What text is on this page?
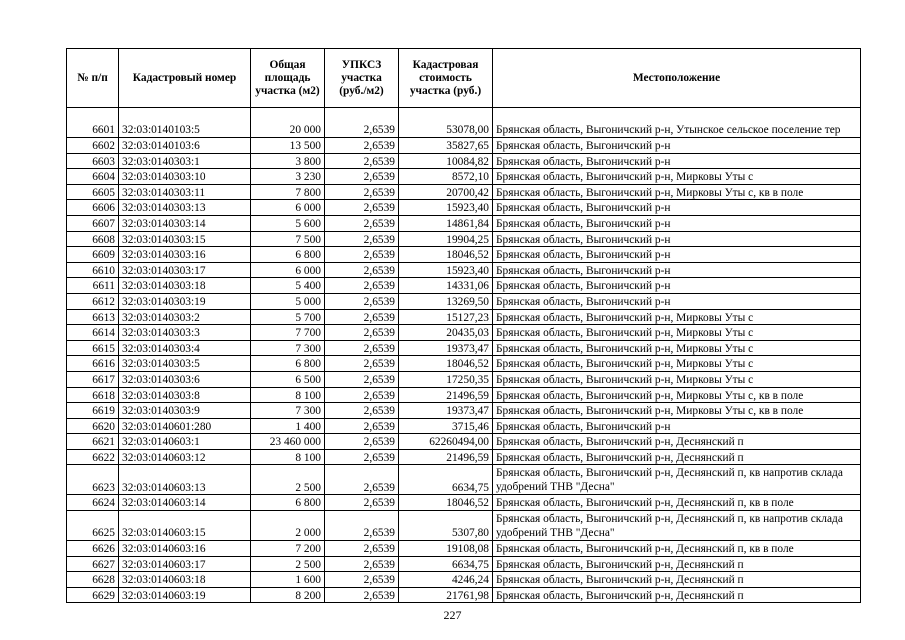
№ п/п	Кадастровый номер	Общая площадь участка (м2)	УПКСЗ участка (руб./м2)	Кадастровая стоимость участка (руб.)	Местоположение
6601	32:03:0140103:5	20 000	2,6539	53078,00	Брянская область, Выгоничский р-н, Утынское сельское поселение тер
6602	32:03:0140103:6	13 500	2,6539	35827,65	Брянская область, Выгоничский р-н
6603	32:03:0140303:1	3 800	2,6539	10084,82	Брянская область, Выгоничский р-н
6604	32:03:0140303:10	3 230	2,6539	8572,10	Брянская область, Выгоничский р-н, Мирковы Уты с
6605	32:03:0140303:11	7 800	2,6539	20700,42	Брянская область, Выгоничский р-н, Мирковы Уты с, кв в поле
6606	32:03:0140303:13	6 000	2,6539	15923,40	Брянская область, Выгоничский р-н
6607	32:03:0140303:14	5 600	2,6539	14861,84	Брянская область, Выгоничский р-н
6608	32:03:0140303:15	7 500	2,6539	19904,25	Брянская область, Выгоничский р-н
6609	32:03:0140303:16	6 800	2,6539	18046,52	Брянская область, Выгоничский р-н
6610	32:03:0140303:17	6 000	2,6539	15923,40	Брянская область, Выгоничский р-н
6611	32:03:0140303:18	5 400	2,6539	14331,06	Брянская область, Выгоничский р-н
6612	32:03:0140303:19	5 000	2,6539	13269,50	Брянская область, Выгоничский р-н
6613	32:03:0140303:2	5 700	2,6539	15127,23	Брянская область, Выгоничский р-н, Мирковы Уты с
6614	32:03:0140303:3	7 700	2,6539	20435,03	Брянская область, Выгоничский р-н, Мирковы Уты с
6615	32:03:0140303:4	7 300	2,6539	19373,47	Брянская область, Выгоничский р-н, Мирковы Уты с
6616	32:03:0140303:5	6 800	2,6539	18046,52	Брянская область, Выгоничский р-н, Мирковы Уты с
6617	32:03:0140303:6	6 500	2,6539	17250,35	Брянская область, Выгоничский р-н, Мирковы Уты с
6618	32:03:0140303:8	8 100	2,6539	21496,59	Брянская область, Выгоничский р-н, Мирковы Уты с, кв в поле
6619	32:03:0140303:9	7 300	2,6539	19373,47	Брянская область, Выгоничский р-н, Мирковы Уты с, кв в поле
6620	32:03:0140601:280	1 400	2,6539	3715,46	Брянская область, Выгоничский р-н
6621	32:03:0140603:1	23 460 000	2,6539	62260494,00	Брянская область, Выгоничский р-н, Деснянский п
6622	32:03:0140603:12	8 100	2,6539	21496,59	Брянская область, Выгоничский р-н, Деснянский п
6623	32:03:0140603:13	2 500	2,6539	6634,75	Брянская область, Выгоничский р-н, Деснянский п, кв напротив склада удобрений ТНВ "Десна"
6624	32:03:0140603:14	6 800	2,6539	18046,52	Брянская область, Выгоничский р-н, Деснянский п, кв в поле
6625	32:03:0140603:15	2 000	2,6539	5307,80	Брянская область, Выгоничский р-н, Деснянский п, кв напротив склада удобрений ТНВ "Десна"
6626	32:03:0140603:16	7 200	2,6539	19108,08	Брянская область, Выгоничский р-н, Деснянский п, кв в поле
6627	32:03:0140603:17	2 500	2,6539	6634,75	Брянская область, Выгоничский р-н, Деснянский п
6628	32:03:0140603:18	1 600	2,6539	4246,24	Брянская область, Выгоничский р-н, Деснянский п
6629	32:03:0140603:19	8 200	2,6539	21761,98	Брянская область, Выгоничский р-н, Деснянский п
227
